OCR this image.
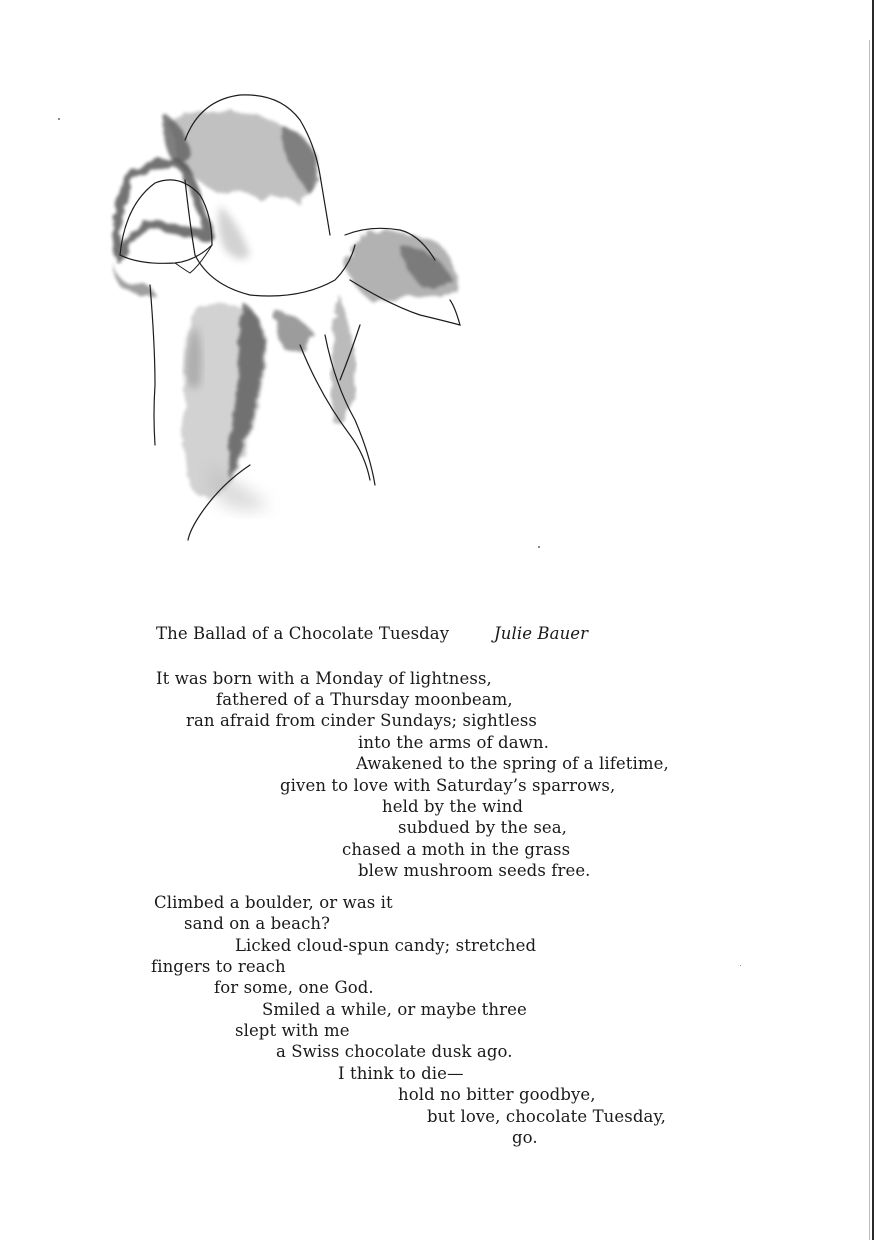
The Ballad of a Chocolate Tuesday	Julie Bauer
It was born with a Monday of lightness,
fathered of a Thursday moonbeam,
ran afraid from cinder Sundays; sightless
into the arms of dawn.
Awakened to the spring of a lifetime,
given to love with Saturday’s sparrows,
held by the wind
subdued by the sea,
chased a moth in the grass
blew mushroom seeds free.
Climbed a boulder, or was it
sand on a beach?
Licked cloud-spun candy; stretched
fingers to reach
for some, one God.
Smiled a while, or maybe three
slept with me
a Swiss chocolate dusk ago.
I think to die—
hold no bitter goodbye,
but love, chocolate Tuesday,
go.
